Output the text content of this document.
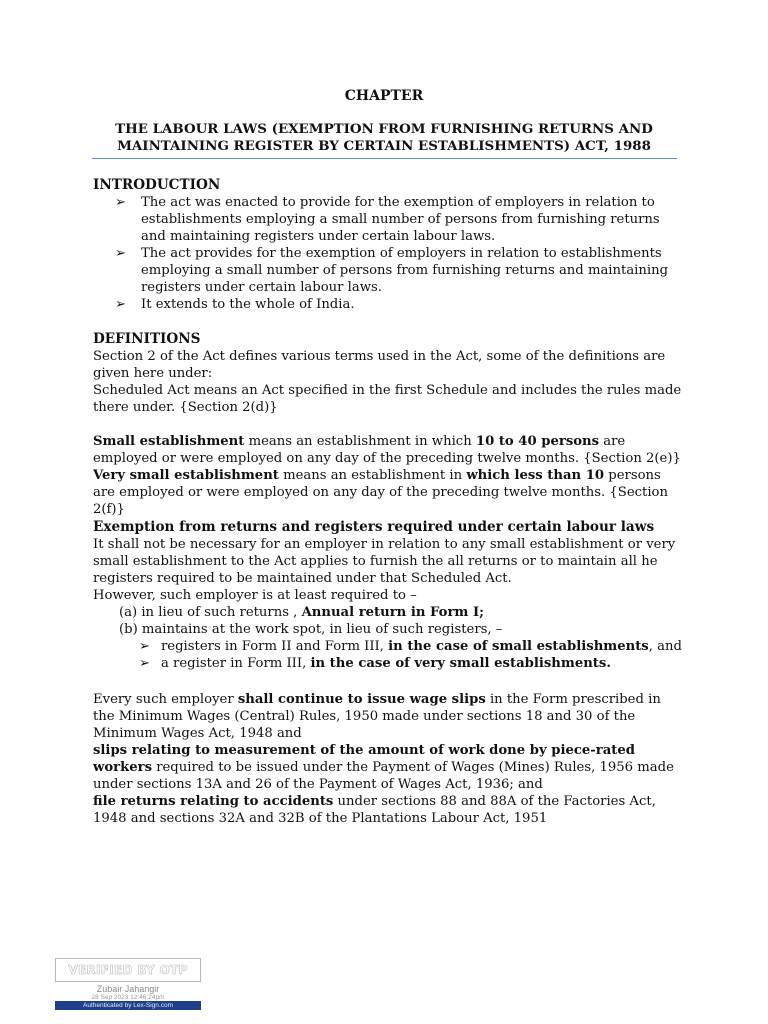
CHAPTER
THE LABOUR LAWS (EXEMPTION FROM FURNISHING RETURNS AND
MAINTAINING REGISTER BY CERTAIN ESTABLISHMENTS) ACT, 1988
INTRODUCTION
➢	The act was enacted to provide for the exemption of employers in relation to establishments employing a small number of persons from furnishing returns and maintaining registers under certain labour laws.
➢	The act provides for the exemption of employers in relation to establishments employing a small number of persons from furnishing returns and maintaining registers under certain labour laws.
➢	It extends to the whole of India.
DEFINITIONS
Section 2 of the Act defines various terms used in the Act, some of the definitions are given here under:
Scheduled Act means an Act specified in the first Schedule and includes the rules made there under. {Section 2(d)}
Small establishment means an establishment in which 10 to 40 persons are employed or were employed on any day of the preceding twelve months. {Section 2(e)}
Very small establishment means an establishment in which less than 10 persons are employed or were employed on any day of the preceding twelve months. {Section 2(f)}
Exemption from returns and registers required under certain labour laws
It shall not be necessary for an employer in relation to any small establishment or very small establishment to the Act applies to furnish the all returns or to maintain all he registers required to be maintained under that Scheduled Act.
However, such employer is at least required to –
(a) in lieu of such returns , Annual return in Form I;
(b) maintains at the work spot, in lieu of such registers, –
➢ registers in Form II and Form III, in the case of small establishments, and
➢ a register in Form III, in the case of very small establishments.
Every such employer shall continue to issue wage slips in the Form prescribed in the Minimum Wages (Central) Rules, 1950 made under sections 18 and 30 of the Minimum Wages Act, 1948 and
slips relating to measurement of the amount of work done by piece-rated workers required to be issued under the Payment of Wages (Mines) Rules, 1956 made under sections 13A and 26 of the Payment of Wages Act, 1936; and
file returns relating to accidents under sections 88 and 88A of the Factories Act, 1948 and sections 32A and 32B of the Plantations Labour Act, 1951
VERIFIED BY OTP
Zubair Jahangir
28 Sep 2023 12:46:24pm
Authenticated by Lex-Sign.com
